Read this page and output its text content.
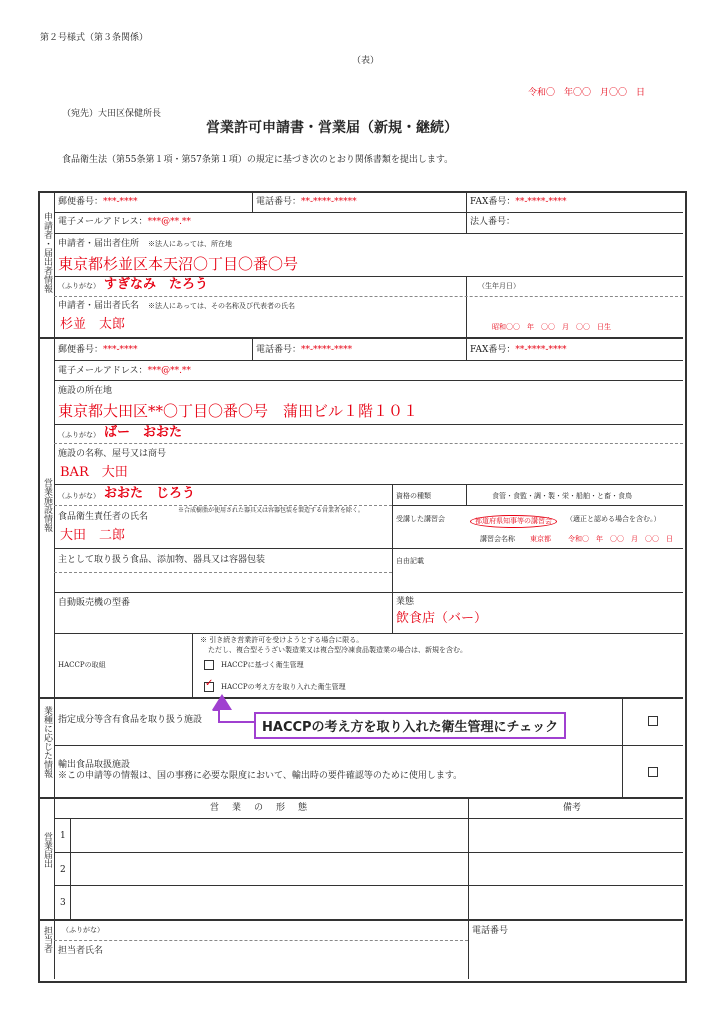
第２号様式（第３条関係）
（表）
令和〇　年〇〇　月〇〇　日
（宛先）大田区保健所長
営業許可申請書・営業届（新規・継続）
食品衛生法（第55条第１項・第57条第１項）の規定に基づき次のとおり関係書類を提出します。
申請者・届出者情報
郵便番号：***-****	電話番号：**-****-*****	FAX番号：**-****-****
電子メールアドレス：***@**.**	法人番号：
申請者・届出者住所　 ※法人にあっては、所在地
東京都杉並区本天沼〇丁目〇番〇号
（ふりがな） すぎなみ　たろう	（生年月日）
申請者・届出者氏名　 ※法人にあっては、その名称及び代表者の氏名
杉並　太郎	昭和〇〇　年　〇〇　月　〇〇　日生
営業施設情報
郵便番号：***-****	電話番号：**-****-****	FAX番号：**-****-****
電子メールアドレス：***@**.**
施設の所在地
東京都大田区**〇丁目〇番〇号　蒲田ビル１階１０１
（ふりがな） ばー　おおた
施設の名称、屋号又は商号
BAR　大田
（ふりがな） おおた　じろう	資格の種類	食管・食監・調・製・栄・船舶・と畜・食鳥
食品衛生責任者の氏名
※合成樹脂が使用された器具又は容器包装を製造する営業者を除く。
大田　二郎
受講した講習会	都道府県知事等の講習会	（適正と認める場合を含む。）
講習会名称 東京都 令和〇　年　〇〇　月　〇〇　日
主として取り扱う食品、添加物、器具又は容器包装	自由記載
自動販売機の型番	業態
飲食店（バー）
HACCPの取組
※ 引き続き営業許可を受けようとする場合に限る。
ただし、複合型そうざい製造業又は複合型冷凍食品製造業の場合は、新規を含む。
　HACCPに基づく衛生管理
✓
　 HACCPの考え方を取り入れた衛生管理
HACCPの考え方を取り入れた衛生管理にチェック
業種に応じた情報 指定成分等含有食品を取り扱う施設
輸出食品取扱施設
※この申請等の情報は、国の事務に必要な限度において、輸出時の要件確認等のために使用します。
営業届出
営　業　の　形　態	備考
1
2
3
担当者 （ふりがな）	電話番号
担当者氏名
